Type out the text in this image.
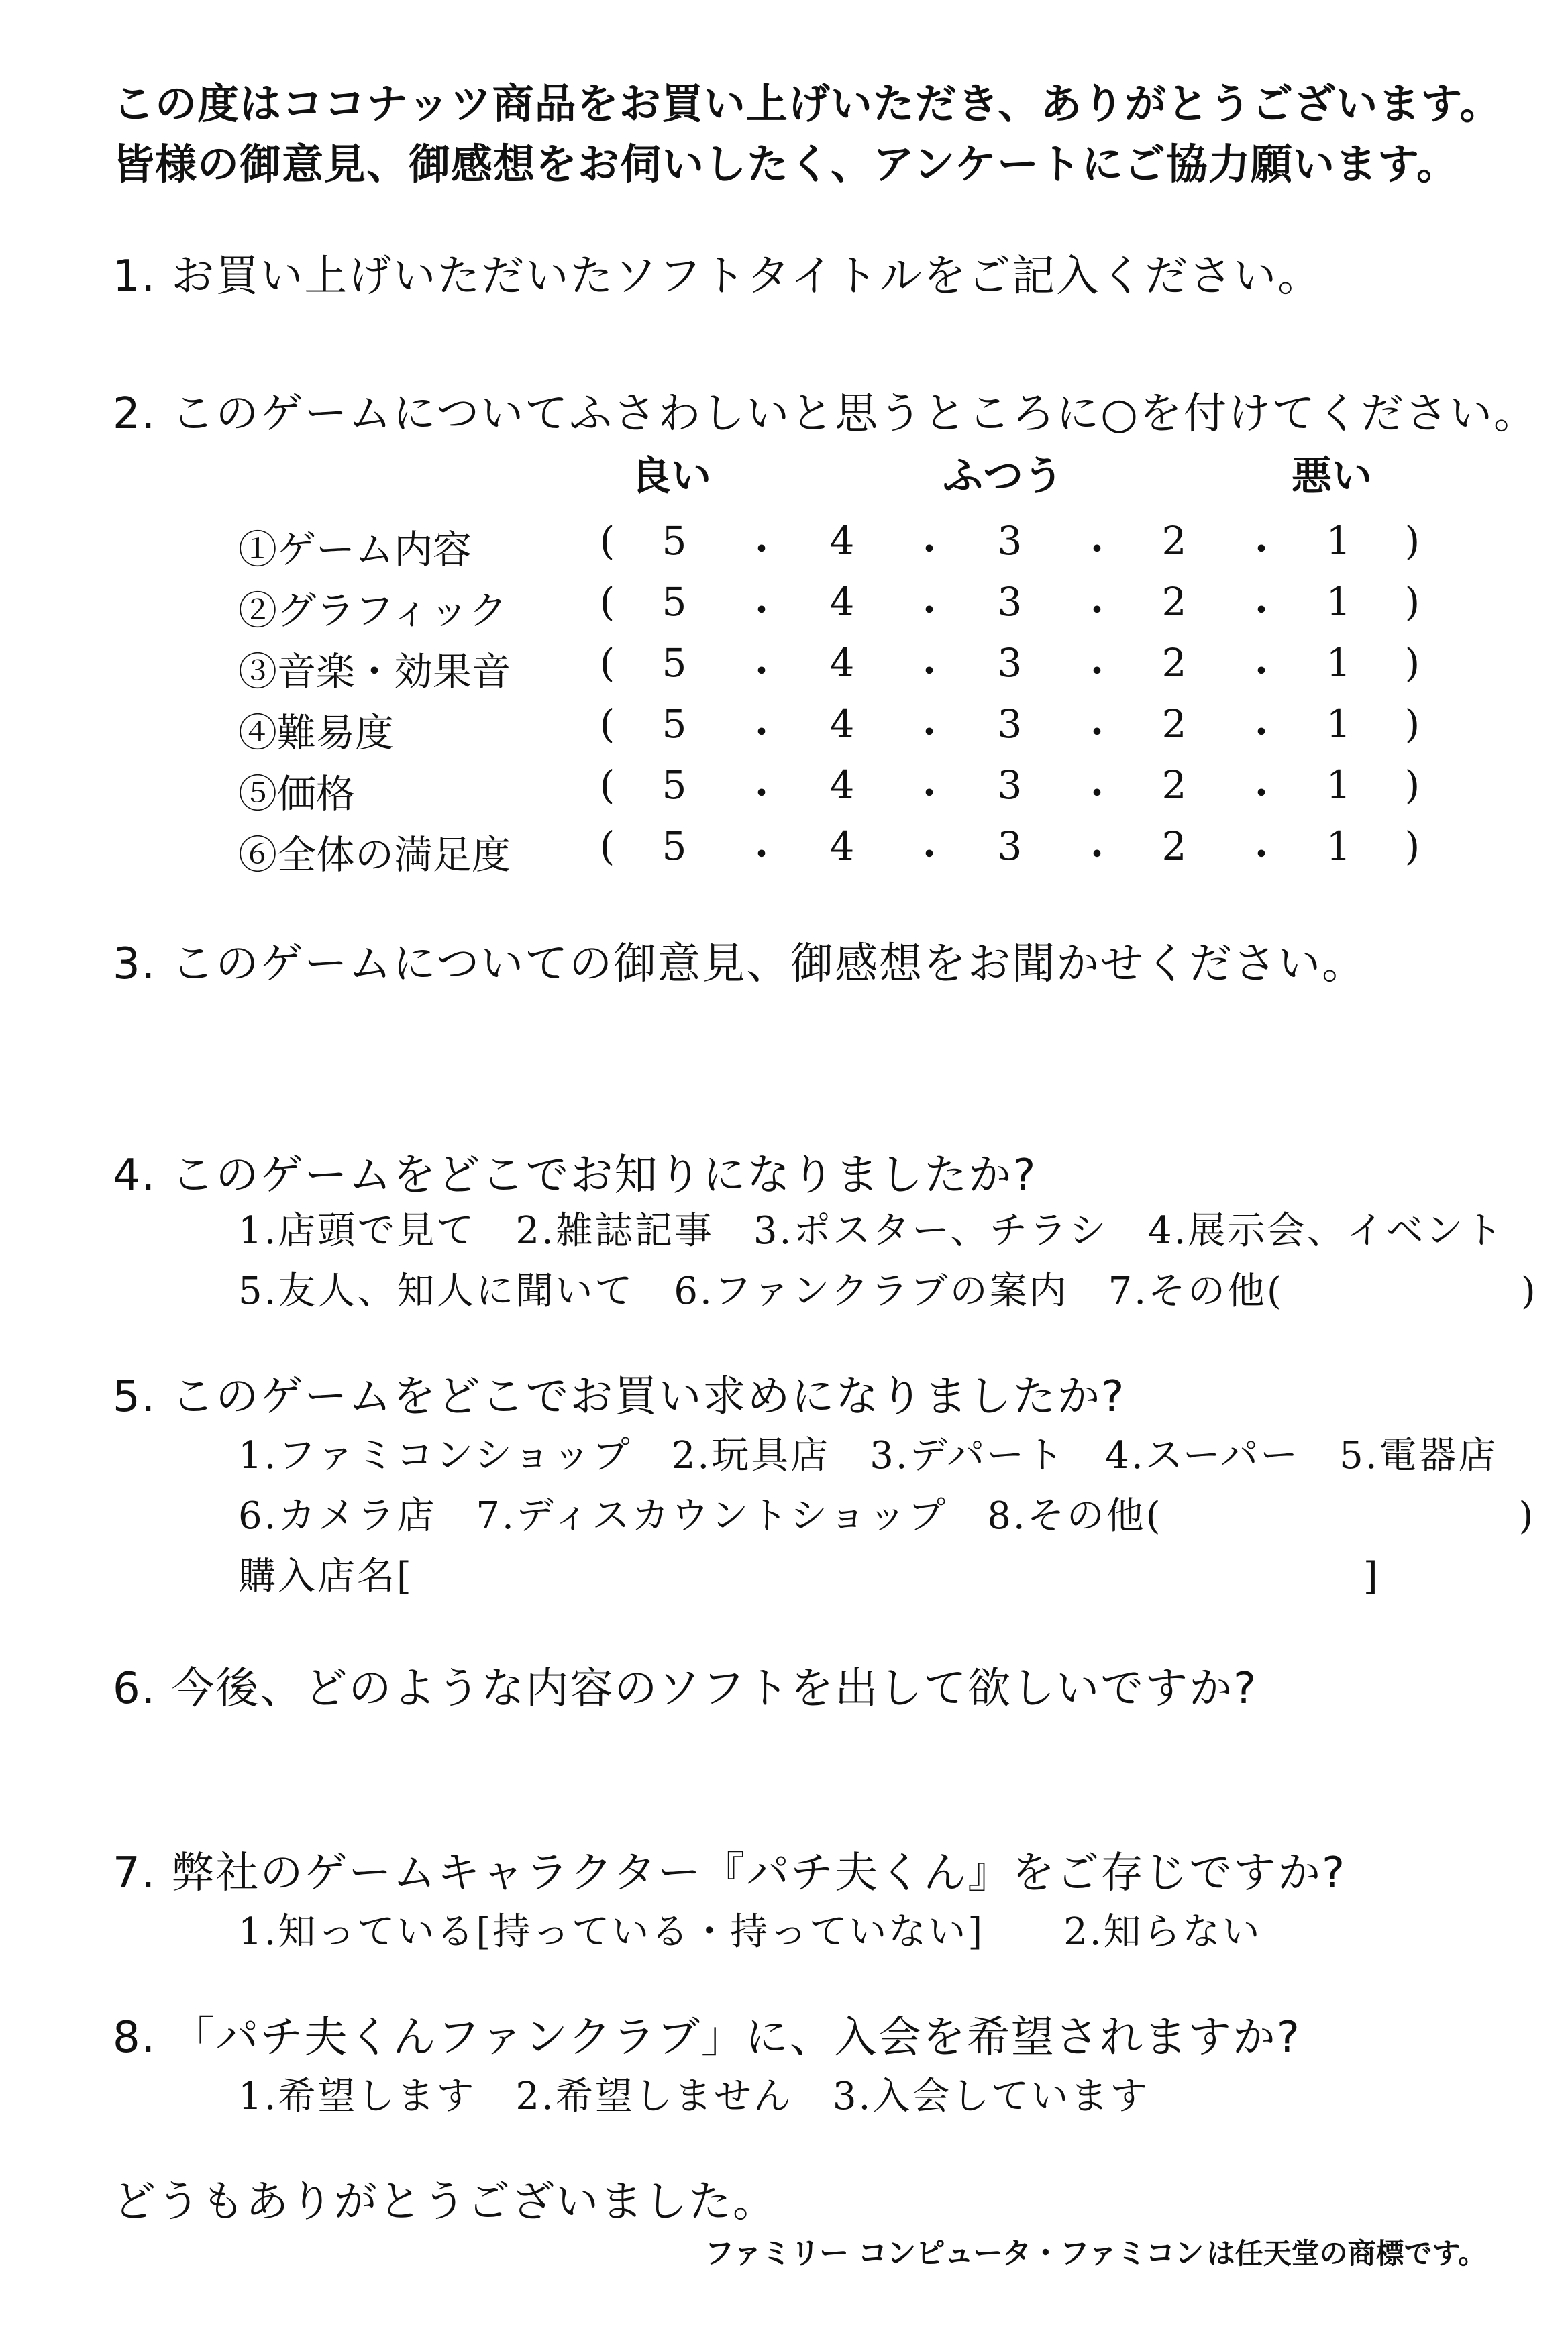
この度はココナッツ商品をお買い上げいただき、ありがとうございます。
皆様の御意見、御感想をお伺いしたく、アンケートにご協力願います。
1. お買い上げいただいたソフトタイトルをご記入ください。
2. このゲームについてふさわしいと思うところに○を付けてください。
良い	ふつう	悪い
①ゲーム内容	(	5 ・ 4 ・ 3 ・ 2 ・ 1	)
②グラフィック	(	5 ・ 4 ・ 3 ・ 2 ・ 1	)
③音楽・効果音	(	5 ・ 4 ・ 3 ・ 2 ・ 1	)
④難易度	(	5 ・ 4 ・ 3 ・ 2 ・ 1	)
⑤価格	(	5 ・ 4 ・ 3 ・ 2 ・ 1	)
⑥全体の満足度	(	5 ・ 4 ・ 3 ・ 2 ・ 1	)
3. このゲームについての御意見、御感想をお聞かせください。
4. このゲームをどこでお知りになりましたか?
1.店頭で見て　2.雑誌記事　3.ポスター、チラシ　4.展示会、イベント
5.友人、知人に聞いて　6.ファンクラブの案内　7.その他(　　　　　　)
5. このゲームをどこでお買い求めになりましたか?
1.ファミコンショップ　2.玩具店　3.デパート　4.スーパー　5.電器店
6.カメラ店　7.ディスカウントショップ　8.その他(　　　　　　　　　)
購入店名[　　　　　　　　　　　　　　　　　　　　　　　　]
6. 今後、どのような内容のソフトを出して欲しいですか?
7. 弊社のゲームキャラクター『パチ夫くん』をご存じですか?
1.知っている[持っている・持っていない]　　2.知らない
8. 「パチ夫くんファンクラブ」に、入会を希望されますか?
1.希望します　2.希望しません　3.入会しています
どうもありがとうございました。
ファミリー コンピュータ・ファミコン は任天堂の商標です。
